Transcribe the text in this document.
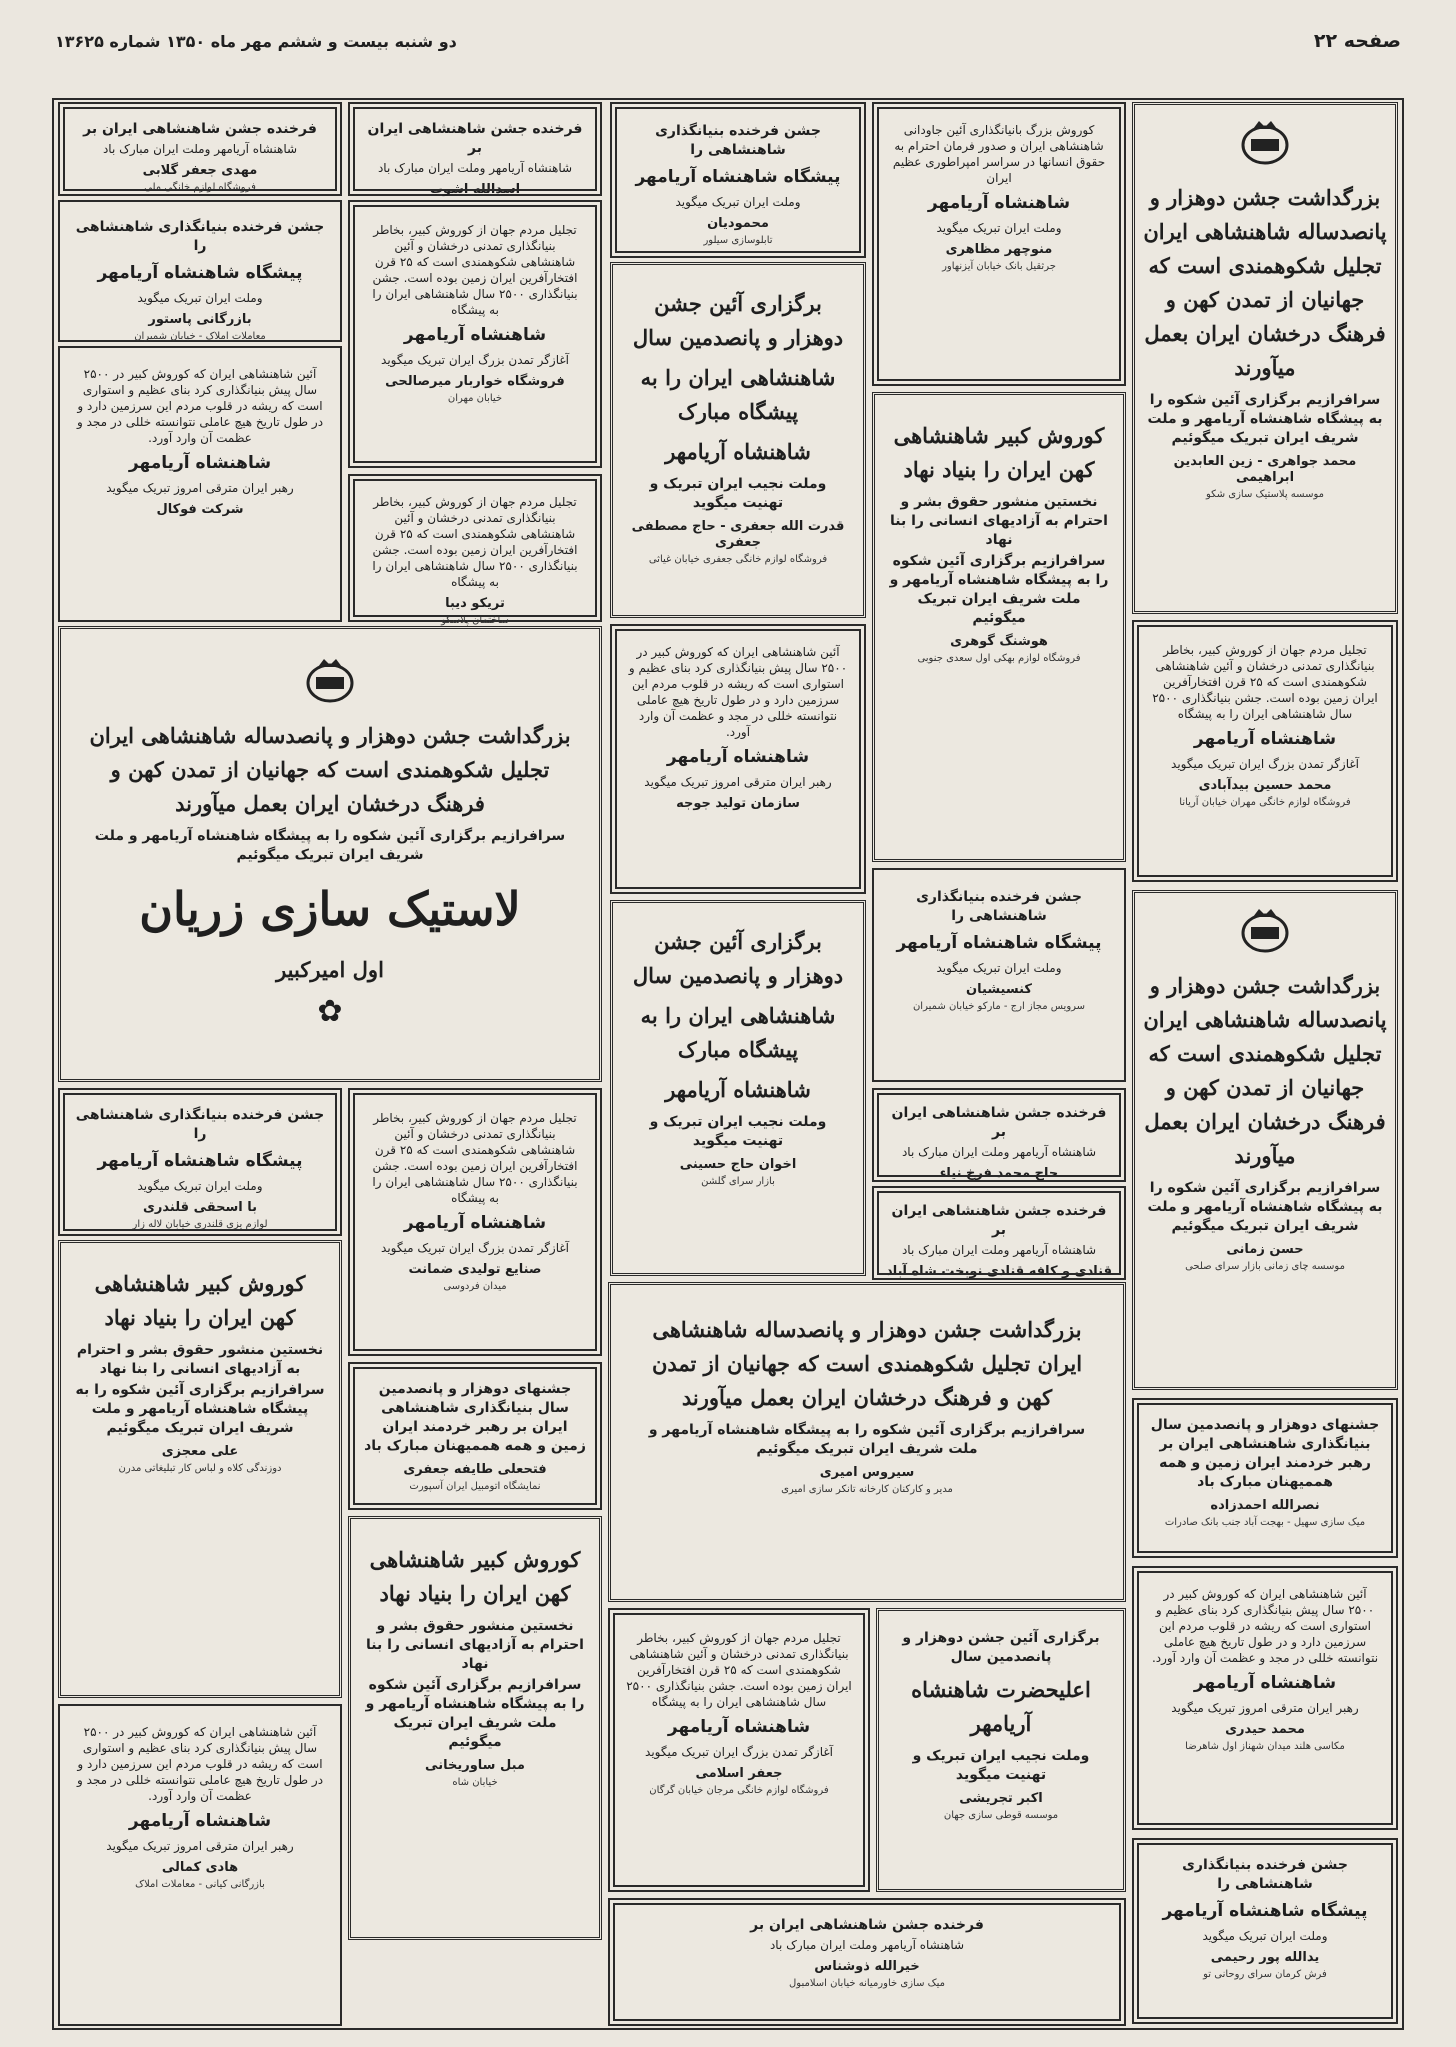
صفحه ۲۲
دو شنبه بیست و ششم مهر ماه ۱۳۵۰ شماره ۱۳۶۲۵

بزرگداشت جشن دوهزار و پانصدساله شاهنشاهی ایران تجلیل شکوهمندی است که جهانیان از تمدن کهن و فرهنگ درخشان ایران بعمل میآورند

سرافرازیم برگزاری آئین شکوه را به پیشگاه شاهنشاه آریامهر و ملت شریف ایران تبریک میگوئیم

محمد جواهری - زین العابدین ابراهیمی

موسسه پلاستیک سازی شکو

تجلیل مردم جهان از کوروش کبیر، بخاطر بنیانگذاری تمدنی درخشان و آئین شاهنشاهی شکوهمندی است که ۲۵ قرن افتخارآفرین ایران زمین بوده است. جشن بنیانگذاری ۲۵۰۰ سال شاهنشاهی ایران را به پیشگاه

شاهنشاه آریامهر

آغازگر تمدن بزرگ ایران تبریک میگوید

محمد حسین بیدآبادی

فروشگاه لوازم خانگی مهران خیابان آریانا

بزرگداشت جشن دوهزار و پانصدساله شاهنشاهی ایران تجلیل شکوهمندی است که جهانیان از تمدن کهن و فرهنگ درخشان ایران بعمل میآورند

سرافرازیم برگزاری آئین شکوه را به پیشگاه شاهنشاه آریامهر و ملت شریف ایران تبریک میگوئیم

حسن زمانی

موسسه چای زمانی بازار سرای صلحی

جشنهای دوهزار و پانصدمین سال بنیانگذاری شاهنشاهی ایران بر رهبر خردمند ایران زمین و همه هممیهنان مبارک باد

نصرالله احمدزاده

میک سازی سهیل - بهجت آباد جنب بانک صادرات

آئین شاهنشاهی ایران که کوروش کبیر در ۲۵۰۰ سال پیش بنیانگذاری کرد بنای عظیم و استواری است که ریشه در قلوب مردم این سرزمین دارد و در طول تاریخ هیچ عاملی نتوانسته خللی در مجد و عظمت آن وارد آورد.

شاهنشاه آریامهر

رهبر ایران مترقی امروز تبریک میگوید

محمد حیدری

مکاسی هلند میدان شهناز اول شاهرضا

جشن فرخنده بنیانگذاری شاهنشاهی را

پیشگاه شاهنشاه آریامهر

وملت ایران تبریک میگوید

یدالله پور رحیمی

فرش کرمان سرای روحانی تو

کوروش بزرگ بانیانگذاری آئین جاودانی شاهنشاهی ایران و صدور فرمان احترام به حقوق انسانها در سراسر امپراطوری عظیم ایران

شاهنشاه آریامهر

وملت ایران تبریک میگوید

منوچهر مظاهری

جرثقیل بانک خیابان آیزنهاور

کوروش کبیر شاهنشاهی کهن ایران را بنیاد نهاد

نخستین منشور حقوق بشر و احترام به آزادیهای انسانی را بنا نهاد

سرافرازیم برگزاری آئین شکوه را به پیشگاه شاهنشاه آریامهر و ملت شریف ایران تبریک میگوئیم

هوشنگ گوهری

فروشگاه لوازم بهکی اول سعدی جنوبی

جشن فرخنده بنیانگذاری شاهنشاهی را

پیشگاه شاهنشاه آریامهر

وملت ایران تبریک میگوید

کنسیشیان

سرویس مجاز ارج - مارکو خیابان شمیران

فرخنده جشن شاهنشاهی ایران بر

شاهنشاه آریامهر وملت ایران مبارک باد

حاج محمد فرخ نیاء

فرخنده جشن شاهنشاهی ایران بر

شاهنشاه آریامهر وملت ایران مبارک باد

قنادی و کافه قنادی نوبخت شاه آباد

جشن فرخنده بنیانگذاری شاهنشاهی را

پیشگاه شاهنشاه آریامهر

وملت ایران تبریک میگوید

محمودیان

تابلوسازی سیلور

برگزاری آئین جشن دوهزار و پانصدمین سال

شاهنشاهی ایران را به پیشگاه مبارک

شاهنشاه آریامهر

وملت نجیب ایران تبریک و تهنیت میگوید

قدرت الله جعفری - حاج مصطفی جعفری

فروشگاه لوازم خانگی جعفری خیابان غیاثی

آئین شاهنشاهی ایران که کوروش کبیر در ۲۵۰۰ سال پیش بنیانگذاری کرد بنای عظیم و استواری است که ریشه در قلوب مردم این سرزمین دارد و در طول تاریخ هیچ عاملی نتوانسته خللی در مجد و عظمت آن وارد آورد.

شاهنشاه آریامهر

رهبر ایران مترقی امروز تبریک میگوید

سازمان تولید جوجه

برگزاری آئین جشن دوهزار و پانصدمین سال

شاهنشاهی ایران را به پیشگاه مبارک

شاهنشاه آریامهر

وملت نجیب ایران تبریک و تهنیت میگوید

اخوان حاج حسینی

بازار سرای گلشن

فرخنده جشن شاهنشاهی ایران بر

شاهنشاه آریامهر وملت ایران مبارک باد

اسدالله اشوب

تجلیل مردم جهان از کوروش کبیر، بخاطر بنیانگذاری تمدنی درخشان و آئین شاهنشاهی شکوهمندی است که ۲۵ قرن افتخارآفرین ایران زمین بوده است. جشن بنیانگذاری ۲۵۰۰ سال شاهنشاهی ایران را به پیشگاه

شاهنشاه آریامهر

آغازگر تمدن بزرگ ایران تبریک میگوید

فروشگاه خواربار میرصالحی

خیابان مهران

تجلیل مردم جهان از کوروش کبیر، بخاطر بنیانگذاری تمدنی درخشان و آئین شاهنشاهی شکوهمندی است که ۲۵ قرن افتخارآفرین ایران زمین بوده است. جشن بنیانگذاری ۲۵۰۰ سال شاهنشاهی ایران را به پیشگاه

تریکو دیبا

ساختمان پلاسکو

فرخنده جشن شاهنشاهی ایران بر

شاهنشاه آریامهر وملت ایران مبارک باد

مهدی جعفر گلابی

فروشگاه لوازم خانگی ملی

جشن فرخنده بنیانگذاری شاهنشاهی را

پیشگاه شاهنشاه آریامهر

وملت ایران تبریک میگوید

بازرگانی پاستور

معاملات املاک - خیابان شمیران

آئین شاهنشاهی ایران که کوروش کبیر در ۲۵۰۰ سال پیش بنیانگذاری کرد بنای عظیم و استواری است که ریشه در قلوب مردم این سرزمین دارد و در طول تاریخ هیچ عاملی نتوانسته خللی در مجد و عظمت آن وارد آورد.

شاهنشاه آریامهر

رهبر ایران مترقی امروز تبریک میگوید

شرکت فوکال

بزرگداشت جشن دوهزار و پانصدساله شاهنشاهی ایران تجلیل شکوهمندی است که جهانیان از تمدن کهن و فرهنگ درخشان ایران بعمل میآورند

سرافرازیم برگزاری آئین شکوه را به پیشگاه شاهنشاه آریامهر و ملت شریف ایران تبریک میگوئیم

لاستیک سازی زریان

اول امیرکبیر

✿

جشن فرخنده بنیانگذاری شاهنشاهی را

پیشگاه شاهنشاه آریامهر

وملت ایران تبریک میگوید

با اسحقی قلندری

لوازم یزی قلندری خیابان لاله زار

تجلیل مردم جهان از کوروش کبیر، بخاطر بنیانگذاری تمدنی درخشان و آئین شاهنشاهی شکوهمندی است که ۲۵ قرن افتخارآفرین ایران زمین بوده است. جشن بنیانگذاری ۲۵۰۰ سال شاهنشاهی ایران را به پیشگاه

شاهنشاه آریامهر

آغازگر تمدن بزرگ ایران تبریک میگوید

صنایع تولیدی ضمانت

میدان فردوسی

کوروش کبیر شاهنشاهی کهن ایران را بنیاد نهاد

نخستین منشور حقوق بشر و احترام به آزادیهای انسانی را بنا نهاد

سرافرازیم برگزاری آئین شکوه را به پیشگاه شاهنشاه آریامهر و ملت شریف ایران تبریک میگوئیم

علی معجزی

دوزندگی کلاه و لباس کار تبلیغاتی مدرن

آئین شاهنشاهی ایران که کوروش کبیر در ۲۵۰۰ سال پیش بنیانگذاری کرد بنای عظیم و استواری است که ریشه در قلوب مردم این سرزمین دارد و در طول تاریخ هیچ عاملی نتوانسته خللی در مجد و عظمت آن وارد آورد.

شاهنشاه آریامهر

رهبر ایران مترقی امروز تبریک میگوید

هادی کمالی

بازرگانی کیانی - معاملات املاک

جشنهای دوهزار و پانصدمین سال بنیانگذاری شاهنشاهی ایران بر رهبر خردمند ایران زمین و همه هممیهنان مبارک باد

فتحعلی طایفه جعفری

نمایشگاه اتومبیل ایران آسپورت

کوروش کبیر شاهنشاهی کهن ایران را بنیاد نهاد

نخستین منشور حقوق بشر و احترام به آزادیهای انسانی را بنا نهاد

سرافرازیم برگزاری آئین شکوه را به پیشگاه شاهنشاه آریامهر و ملت شریف ایران تبریک میگوئیم

مبل ساوریخانی

خیابان شاه

بزرگداشت جشن دوهزار و پانصدساله شاهنشاهی ایران تجلیل شکوهمندی است که جهانیان از تمدن کهن و فرهنگ درخشان ایران بعمل میآورند

سرافرازیم برگزاری آئین شکوه را به پیشگاه شاهنشاه آریامهر و ملت شریف ایران تبریک میگوئیم

سیروس امیری

مدیر و کارکنان کارخانه تانکر سازی امیری

تجلیل مردم جهان از کوروش کبیر، بخاطر بنیانگذاری تمدنی درخشان و آئین شاهنشاهی شکوهمندی است که ۲۵ قرن افتخارآفرین ایران زمین بوده است. جشن بنیانگذاری ۲۵۰۰ سال شاهنشاهی ایران را به پیشگاه

شاهنشاه آریامهر

آغازگر تمدن بزرگ ایران تبریک میگوید

جعفر اسلامی

فروشگاه لوازم خانگی مرجان خیابان گرگان

برگزاری آئین جشن دوهزار و پانصدمین سال

اعلیحضرت شاهنشاه آریامهر

وملت نجیب ایران تبریک و تهنیت میگوید

اکبر تجریشی

موسسه قوطی سازی جهان

فرخنده جشن شاهنشاهی ایران بر

شاهنشاه آریامهر وملت ایران مبارک باد

خیرالله ذوشناس

میک سازی خاورمیانه خیابان اسلامبول
